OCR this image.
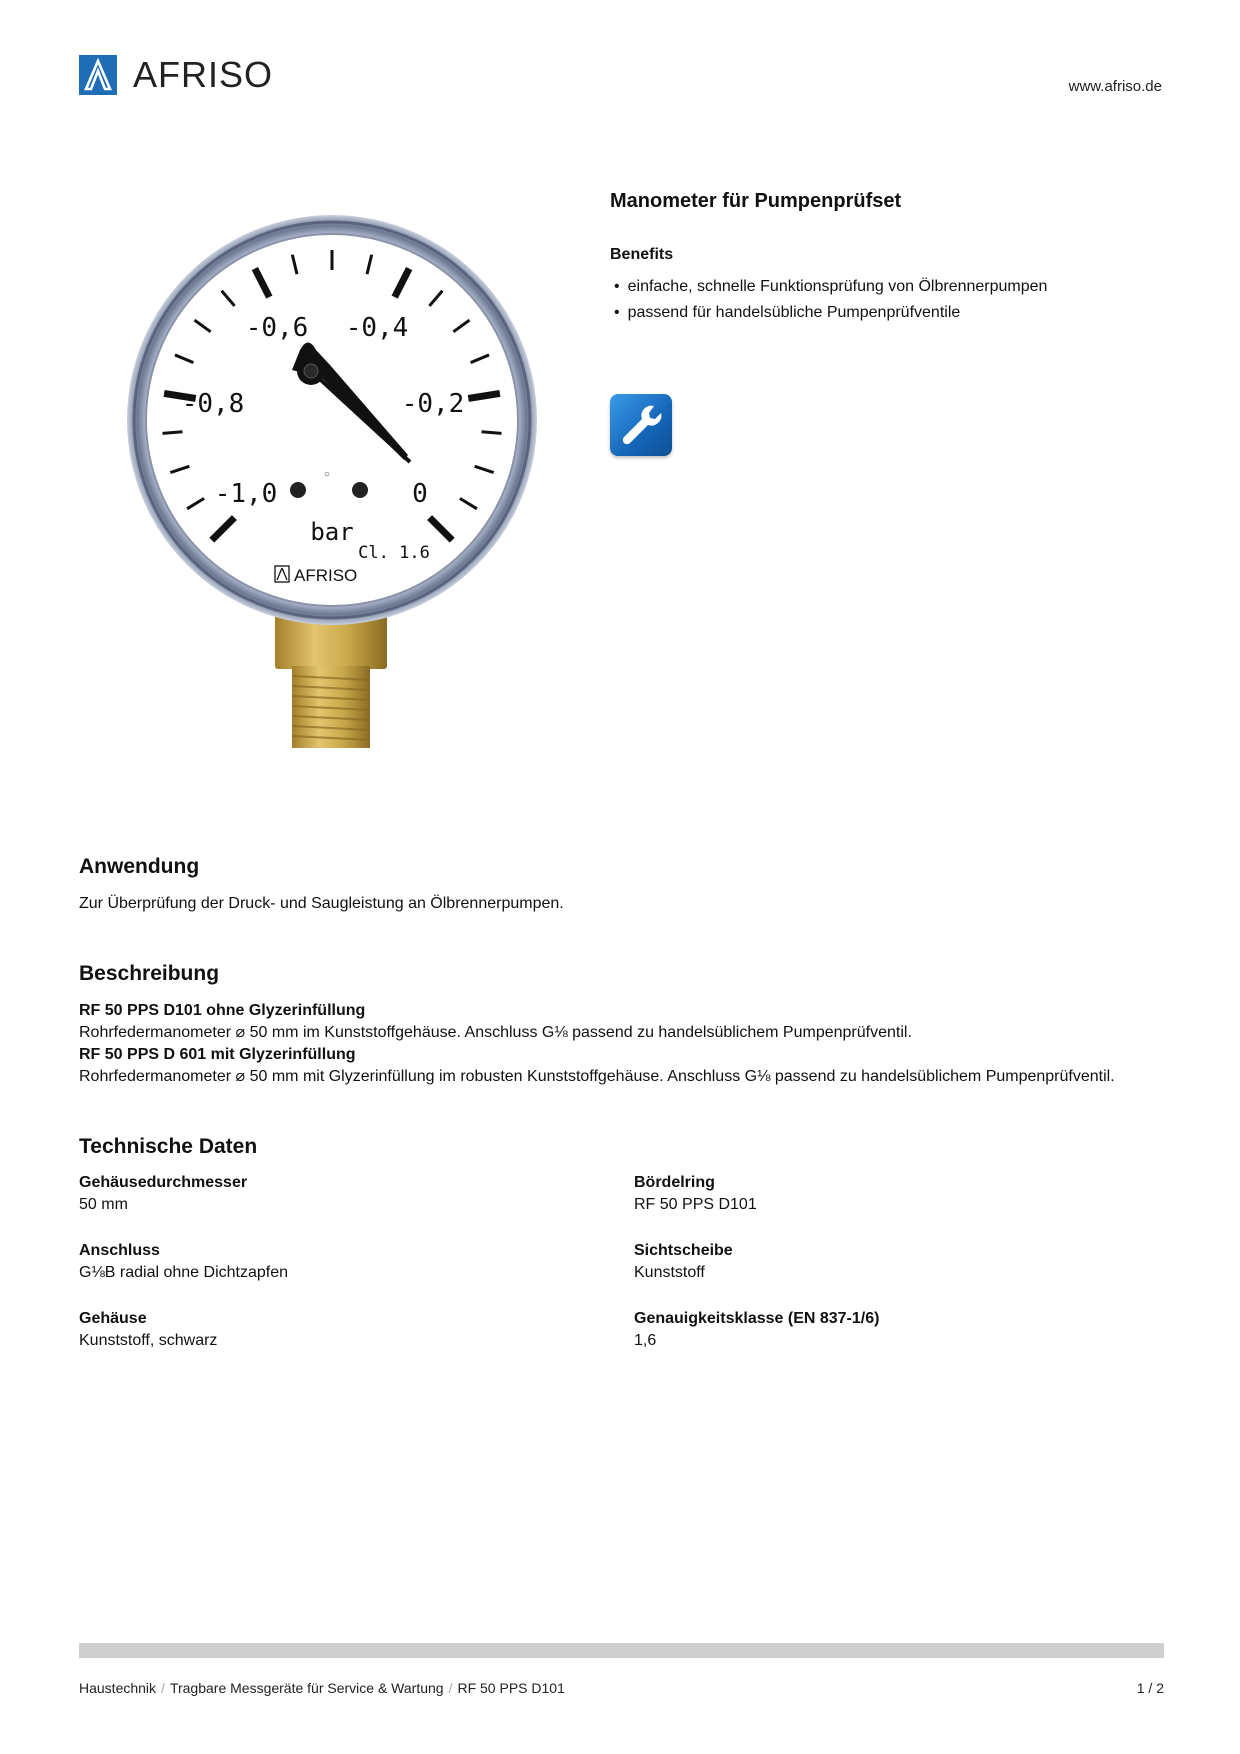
AFRISO	www.afriso.de
-0,6 -0,4
-0,8	-0,2
-1,0	0
bar
Cl. 1.6
AFRISO
○
Manometer für Pumpenprüfset
Benefits
• einfache, schnelle Funktionsprüfung von Ölbrennerpumpen
• passend für handelsübliche Pumpenprüfventile
Anwendung
Zur Überprüfung der Druck- und Saugleistung an Ölbrennerpumpen.
Beschreibung
RF 50 PPS D101 ohne Glyzerinfüllung
Rohrfedermanometer ⌀ 50 mm im Kunststoffgehäuse. Anschluss G⅛ passend zu handelsüblichem Pumpenprüfventil.
RF 50 PPS D 601 mit Glyzerinfüllung
Rohrfedermanometer ⌀ 50 mm mit Glyzerinfüllung im robusten Kunststoffgehäuse. Anschluss G⅛ passend zu handelsüblichem Pumpenprüfventil.
Technische Daten
Gehäusedurchmesser
50 mm
Anschluss
G⅛B radial ohne Dichtzapfen
Gehäuse
Kunststoff, schwarz
Bördelring
RF 50 PPS D101
Sichtscheibe
Kunststoff
Genauigkeitsklasse (EN 837-1/6)
1,6
Haustechnik / Tragbare Messgeräte für Service & Wartung / RF 50 PPS D101	1 / 2
